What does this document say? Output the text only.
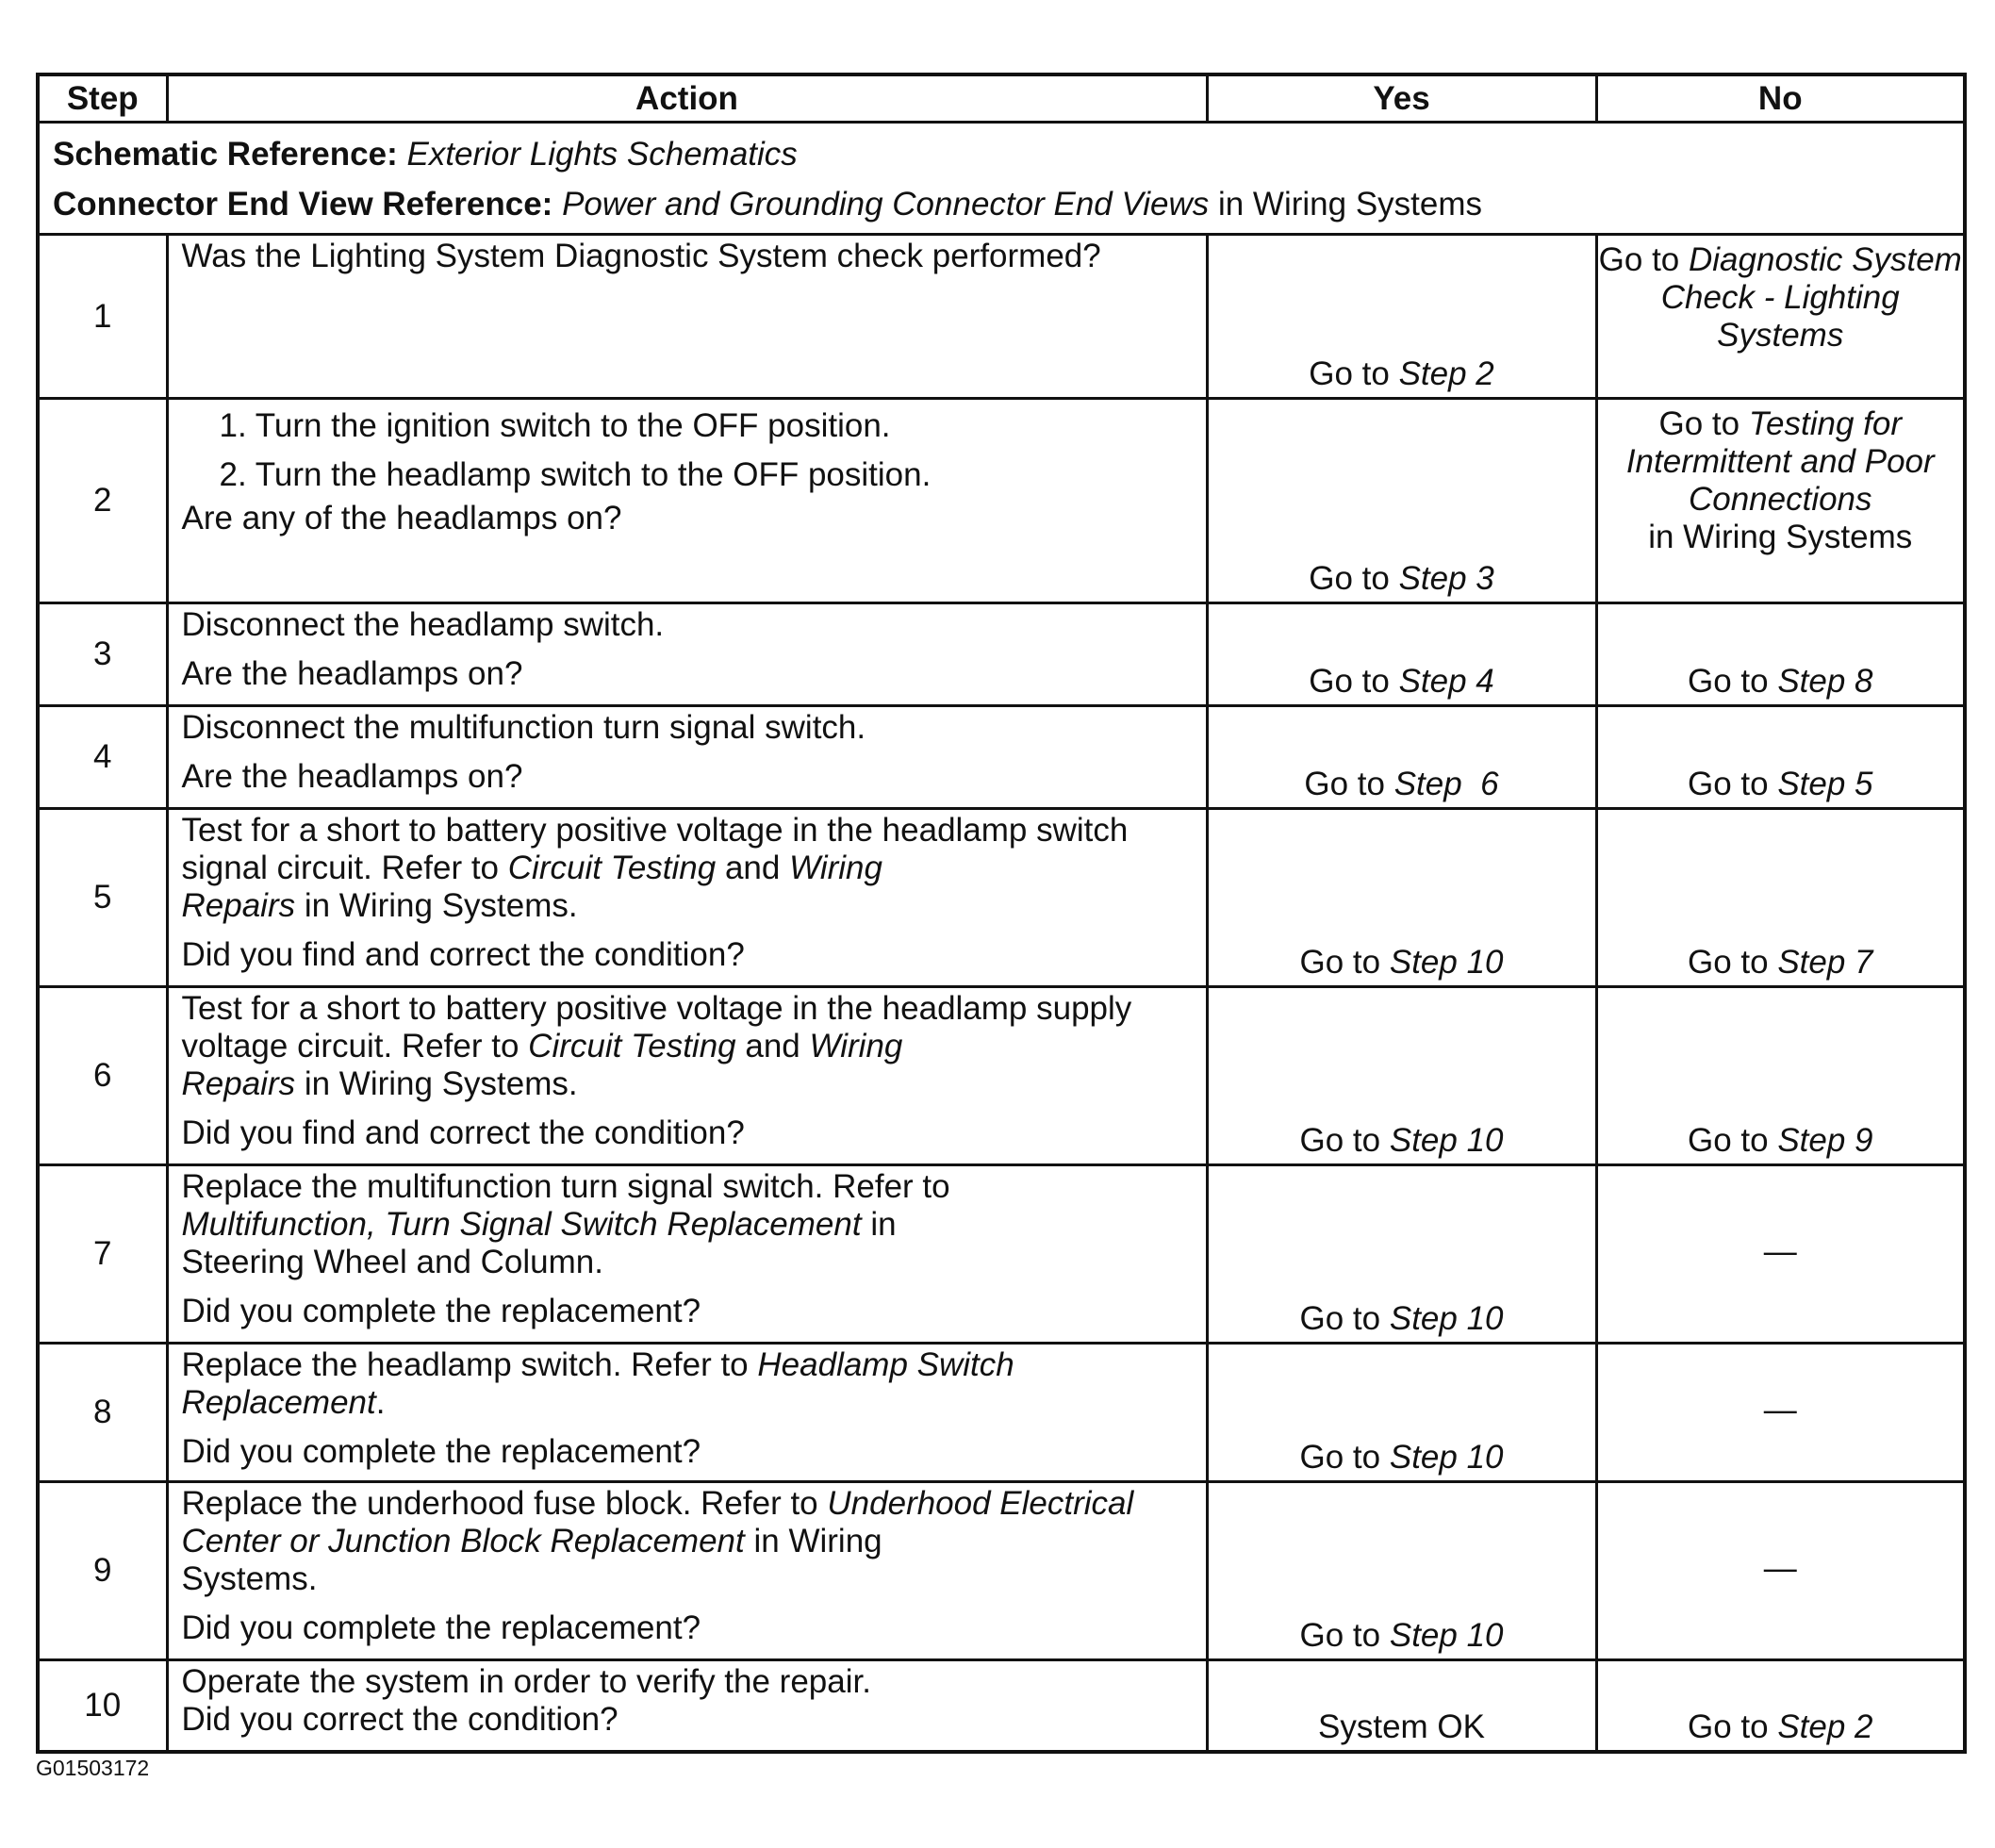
Step	Action	Yes	No

Schematic Reference: Exterior Lights Schematics
Connector End View Reference: Power and Grounding Connector End Views in Wiring Systems			

1	Was the Lighting System Diagnostic System check performed?	Go to Step 2	Go to Diagnostic System Check - Lighting Systems
2	1. Turn the ignition switch to the OFF position.
2. Turn the headlamp switch to the OFF position.
Are any of the headlamps on?	Go to Step 3	Go to Testing for Intermittent and Poor Connections
in Wiring Systems

3	Disconnect the headlamp switch.
Are the headlamps on?	Go to Step 4	Go to Step 8
4	Disconnect the multifunction turn signal switch.
Are the headlamps on?	Go to Step  6	Go to Step 5
5	Test for a short to battery positive voltage in the headlamp switch
signal circuit. Refer to Circuit Testing and Wiring
Repairs in Wiring Systems.
Did you find and correct the condition?	Go to Step 10	Go to Step 7
6	Test for a short to battery positive voltage in the headlamp supply
voltage circuit. Refer to Circuit Testing and Wiring
Repairs in Wiring Systems.
Did you find and correct the condition?	Go to Step 10	Go to Step 9
7	Replace the multifunction turn signal switch. Refer to
Multifunction, Turn Signal Switch Replacement in
Steering Wheel and Column.
Did you complete the replacement?	Go to Step 10	—
8	Replace the headlamp switch. Refer to Headlamp Switch
Replacement.
Did you complete the replacement?	Go to Step 10	—
9	Replace the underhood fuse block. Refer to Underhood Electrical
Center or Junction Block Replacement in Wiring
Systems.
Did you complete the replacement?	Go to Step 10	—
10	Operate the system in order to verify the repair.
Did you correct the condition?	System OK	Go to Step 2
G01503172
